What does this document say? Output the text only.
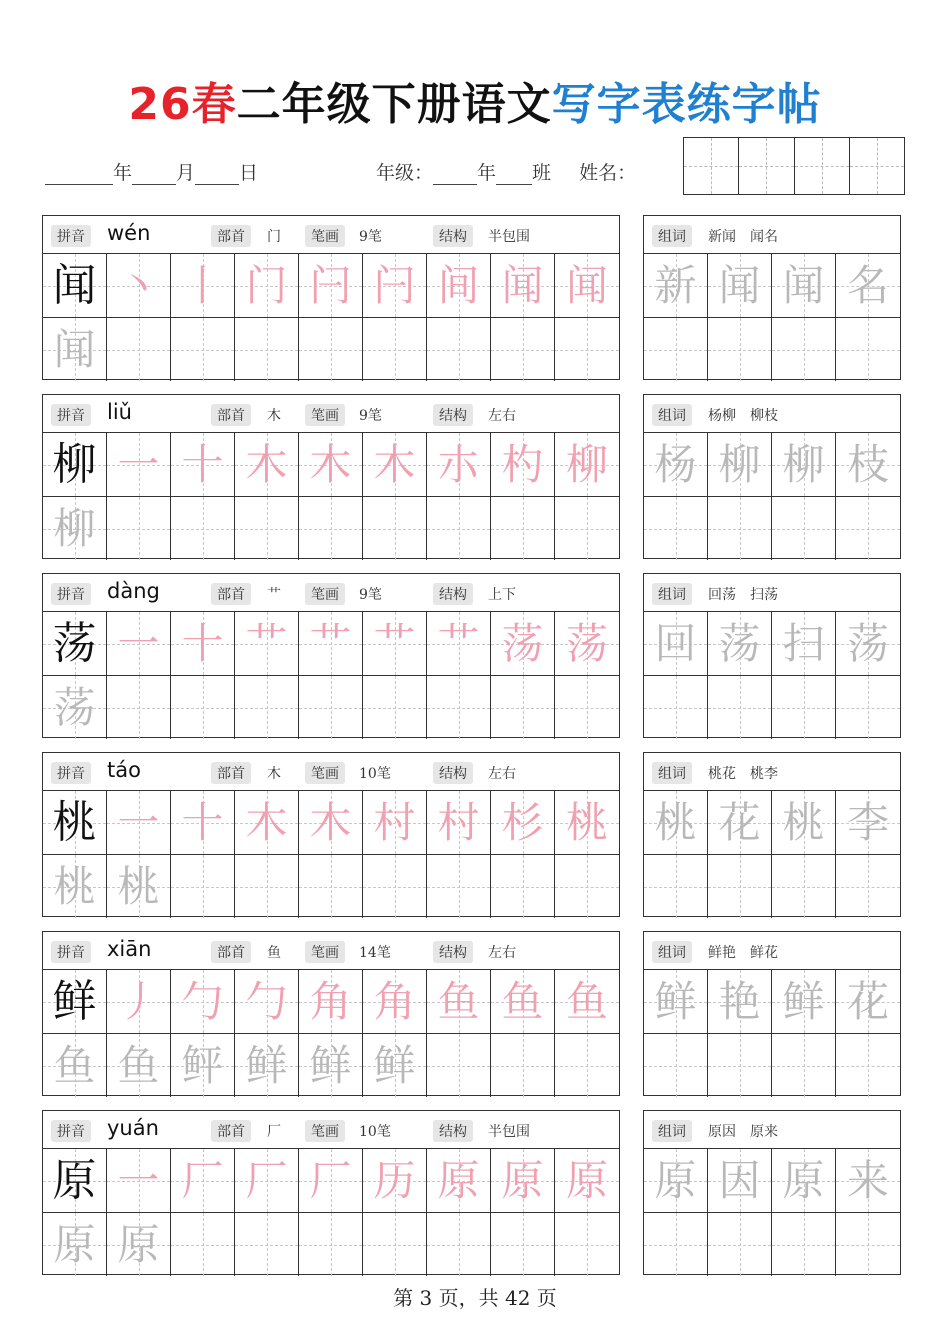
26春二年级下册语文写字表练字帖
年 月 日	年级： 年 班 姓名：
拼音 wén	部首	门	笔画	9笔	结构	半包围
闻 丶 丨 门 闩 闩 间 闻 闻
闻
组词	新闻　闻名
新 闻 闻 名
拼音 liǔ	部首	木	笔画	9笔	结构	左右
柳 一 十 木 木 木 朩 杓 柳
柳
组词	杨柳　柳枝
杨 柳 柳 枝
拼音 dàng	部首	艹	笔画	9笔	结构	上下
荡 一 十 艹 艹 艹 艹 荡 荡
荡
组词	回荡　扫荡
回 荡 扫 荡
拼音 táo	部首	木	笔画	10笔	结构	左右
桃 一 十 木 木 村 村 杉 桃
桃 桃
组词	桃花　桃李
桃 花 桃 李
拼音 xiān	部首	鱼	笔画	14笔	结构	左右
鲜 丿 勹 勹 角 角 鱼 鱼 鱼
鱼 鱼 鲆 鲜 鲜 鲜
组词	鲜艳　鲜花
鲜 艳 鲜 花
拼音 yuán	部首	厂	笔画	10笔	结构	半包围
原 一 厂 厂 厂 历 原 原 原
原 原
组词	原因　原来
原 因 原 来
第 3 页，共 42 页
